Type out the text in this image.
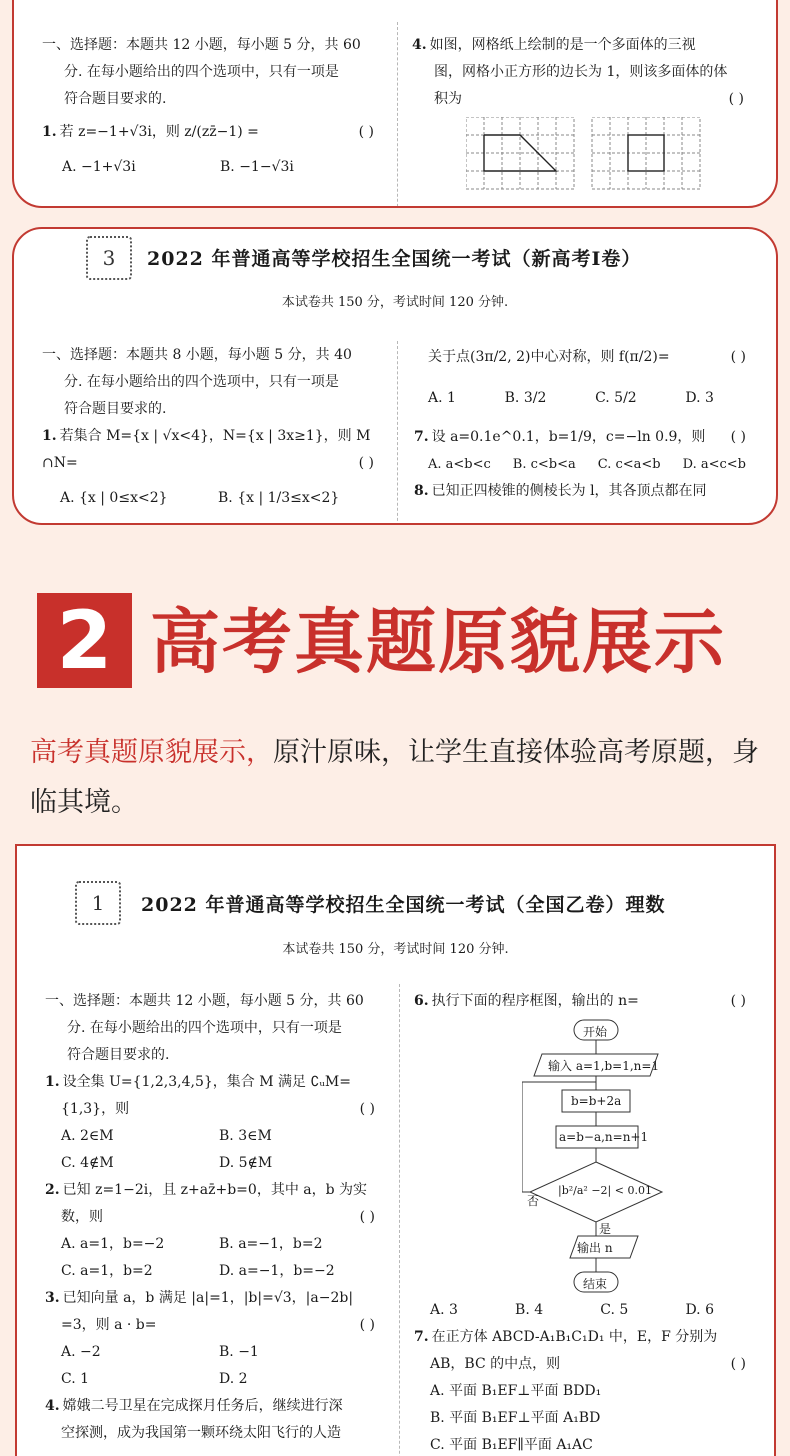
一、选择题：本题共 12 小题，每小题 5 分，共 60
分. 在每小题给出的四个选项中，只有一项是
符合题目要求的.
1. 若 z=−1+√3i，则 z/(zz̄−1) =	( )
A. −1+√3i	B. −1−√3i
4. 如图，网格纸上绘制的是一个多面体的三视
图，网格小正方形的边长为 1，则该多面体的体
积为	( )
3	2022 年普通高等学校招生全国统一考试（新高考Ⅰ卷）
本试卷共 150 分，考试时间 120 分钟.
一、选择题：本题共 8 小题，每小题 5 分，共 40
分. 在每小题给出的四个选项中，只有一项是
符合题目要求的.
1. 若集合 M={x | √x<4}，N={x | 3x≥1}，则 M
∩N=	( )
A. {x | 0≤x<2}	B. {x | 1/3≤x<2}
关于点(3π/2, 2)中心对称，则 f(π/2)=	( )
A. 1	B. 3/2	C. 5/2	D. 3
7. 设 a=0.1e^0.1，b=1/9，c=−ln 0.9，则 ( )
A. a<b<c B. c<b<a C. c<a<b D. a<c<b
8. 已知正四棱锥的侧棱长为 l，其各顶点都在同
2 高考真题原貌展示
高考真题原貌展示，原汁原味，让学生直接体验高考原题，身临其境。
1	2022 年普通高等学校招生全国统一考试（全国乙卷）理数
本试卷共 150 分，考试时间 120 分钟.
一、选择题：本题共 12 小题，每小题 5 分，共 60
分. 在每小题给出的四个选项中，只有一项是
符合题目要求的.
1. 设全集 U={1,2,3,4,5}，集合 M 满足 ∁ᵤM=
{1,3}，则	( )
A. 2∈M	B. 3∈M
C. 4∉M	D. 5∉M
2. 已知 z=1−2i，且 z+az̄+b=0，其中 a，b 为实
数，则	( )
A. a=1，b=−2	B. a=−1，b=2
C. a=1，b=2	D. a=−1，b=−2
3. 已知向量 a，b 满足 |a|=1，|b|=√3，|a−2b|
=3，则 a · b=	( )
A. −2	B. −1
C. 1	D. 2
4. 嫦娥二号卫星在完成探月任务后，继续进行深
空探测，成为我国第一颗环绕太阳飞行的人造
6. 执行下面的程序框图，输出的 n=	( )
开始
输入 a=1,b=1,n=1
b=b+2a
a=b−a,n=n+1
|b²/a² −2| < 0.01
否
是
输出 n
结束
A. 3	B. 4	C. 5	D. 6
7. 在正方体 ABCD-A₁B₁C₁D₁ 中，E，F 分别为
AB，BC 的中点，则	( )
A. 平面 B₁EF⊥平面 BDD₁
B. 平面 B₁EF⊥平面 A₁BD
C. 平面 B₁EF∥平面 A₁AC
